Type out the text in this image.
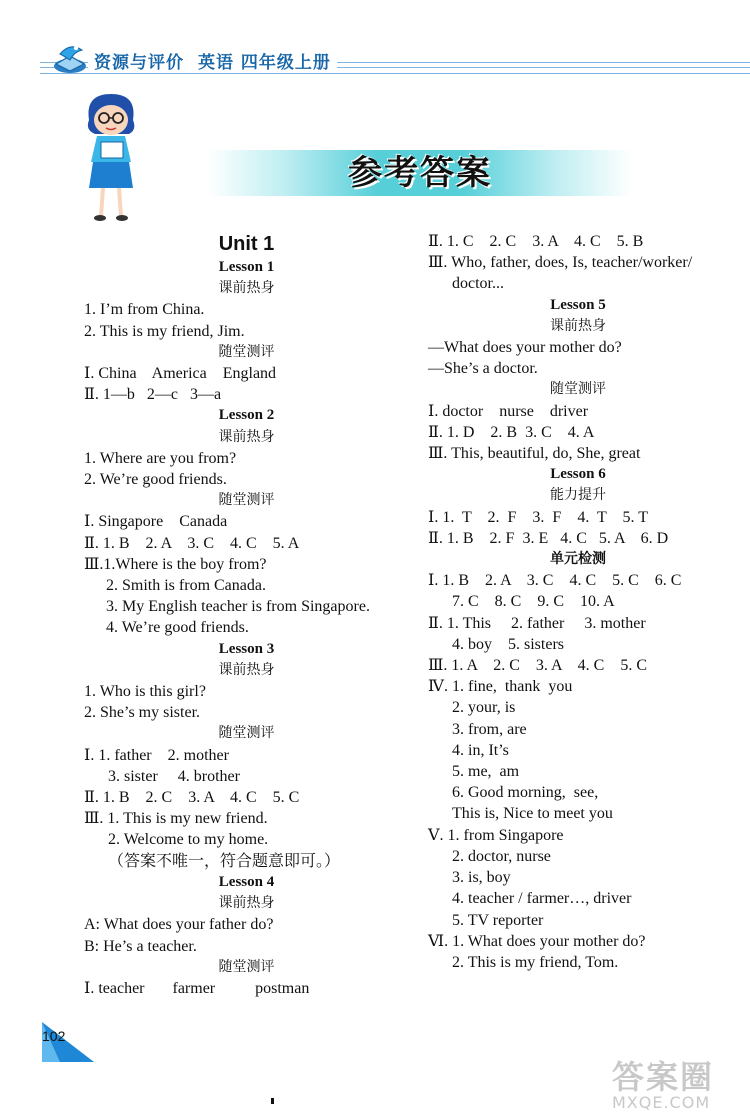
资源与评价 英语 四年级上册
参考答案
Unit 1
Lesson 1
课前热身
1. I’m from China.
2. This is my friend, Jim.
随堂测评
Ⅰ. China    America    England
Ⅱ. 1—b   2—c   3—a
Lesson 2
课前热身
1. Where are you from?
2. We’re good friends.
随堂测评
Ⅰ. Singapore    Canada
Ⅱ. 1. B    2. A    3. C    4. C    5. A
Ⅲ.1.Where is the boy from?
2. Smith is from Canada.
3. My English teacher is from Singapore.
4. We’re good friends.
Lesson 3
课前热身
1. Who is this girl?
2. She’s my sister.
随堂测评
Ⅰ. 1. father    2. mother
3. sister     4. brother
Ⅱ. 1. B    2. C    3. A    4. C    5. C
Ⅲ. 1. This is my new friend.
2. Welcome to my home.
（答案不唯一，符合题意即可。）
Lesson 4
课前热身
A: What does your father do?
B: He’s a teacher.
随堂测评
Ⅰ. teacher       farmer          postman
Ⅱ. 1. C    2. C    3. A    4. C    5. B
Ⅲ. Who, father, does, Is, teacher/worker/
doctor...
Lesson 5
课前热身
—What does your mother do?
—She’s a doctor.
随堂测评
Ⅰ. doctor    nurse    driver
Ⅱ. 1. D    2. B  3. C    4. A
Ⅲ. This, beautiful, do, She, great
Lesson 6
能力提升
Ⅰ. 1.  T    2.  F    3.  F    4.  T    5. T
Ⅱ. 1. B    2. F  3. E   4. C   5. A    6. D
单元检测
Ⅰ. 1. B    2. A    3. C    4. C    5. C    6. C
7. C    8. C    9. C    10. A
Ⅱ. 1. This     2. father     3. mother
4. boy    5. sisters
Ⅲ. 1. A    2. C    3. A    4. C    5. C
Ⅳ. 1. fine,  thank  you
2. your, is
3. from, are
4. in, It’s
5. me,  am
6. Good morning,  see,
This is, Nice to meet you
Ⅴ. 1. from Singapore
2. doctor, nurse
3. is, boy
4. teacher / farmer…, driver
5. TV reporter
Ⅵ. 1. What does your mother do?
2. This is my friend, Tom.
102
答案圈
MXQE.COM
